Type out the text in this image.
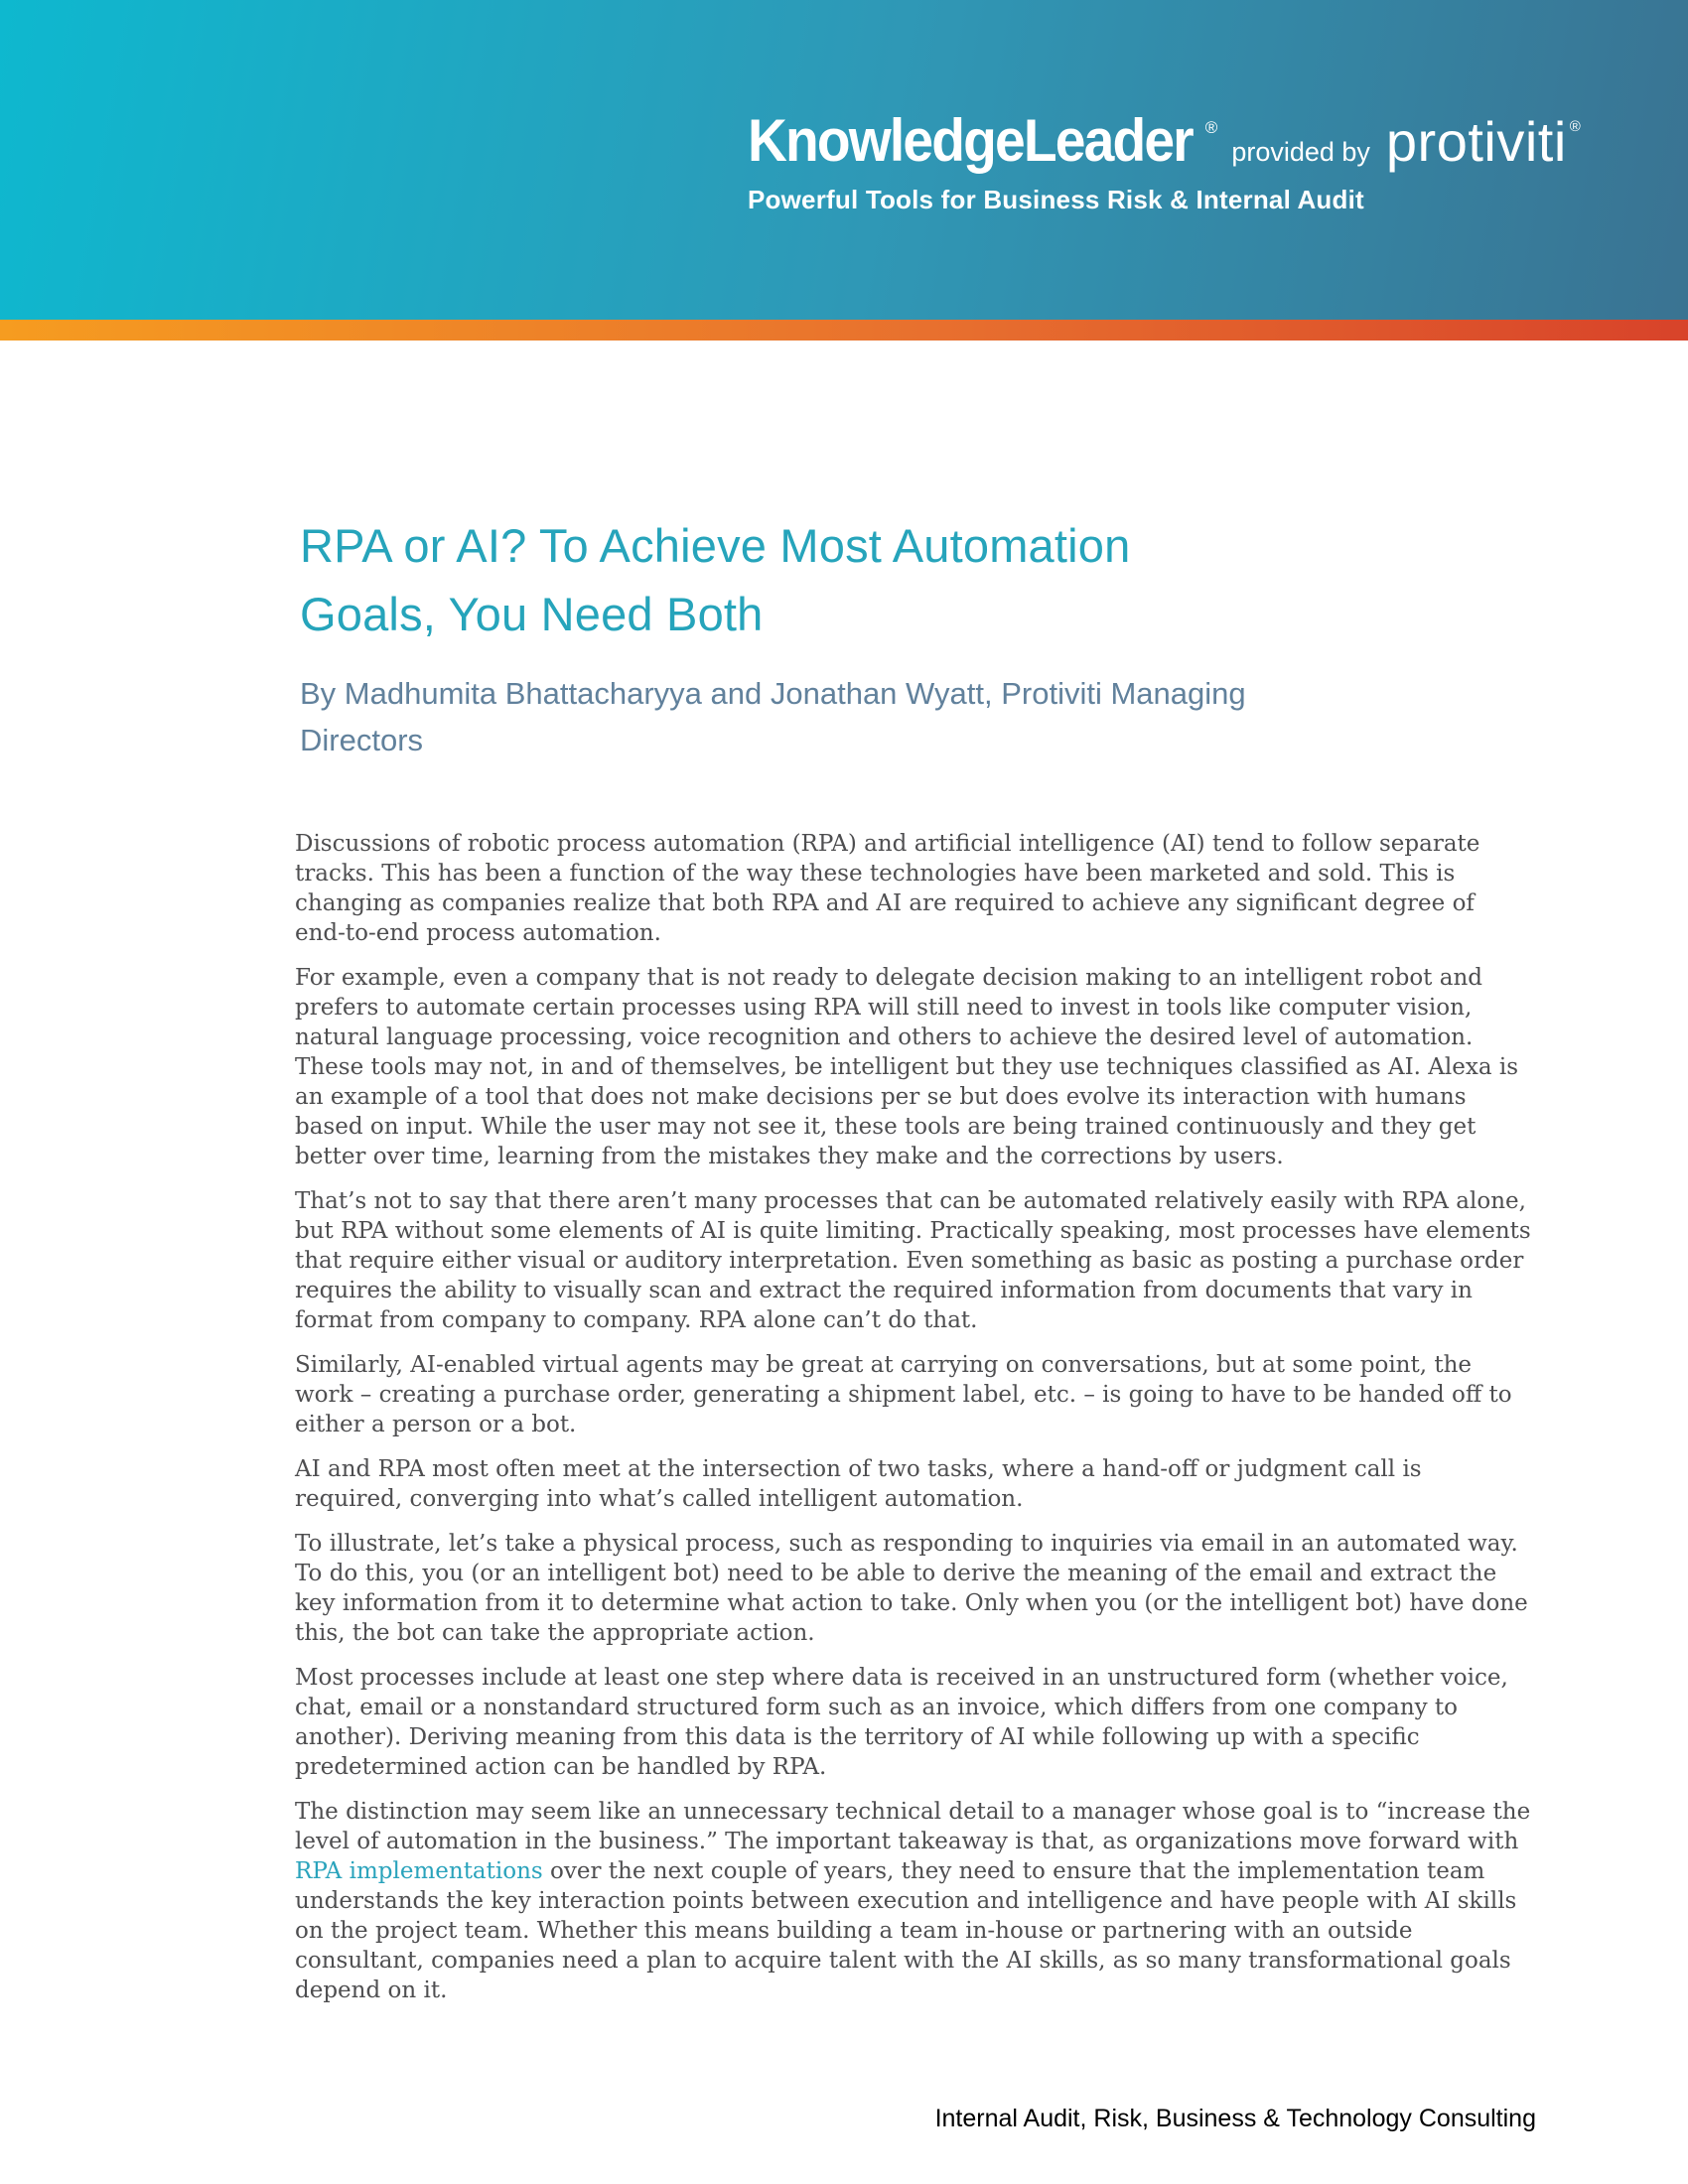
KnowledgeLeader ®
provided by protiviti ®
Powerful Tools for Business Risk & Internal Audit
RPA or AI? To Achieve Most Automation
Goals, You Need Both
By Madhumita Bhattacharyya and Jonathan Wyatt, Protiviti Managing
Directors

Discussions of robotic process automation (RPA) and artificial intelligence (AI) tend to follow separate tracks. This has been a function of the way these technologies have been marketed and sold. This is changing as companies realize that both RPA and AI are required to achieve any significant degree of end-to-end process automation.

For example, even a company that is not ready to delegate decision making to an intelligent robot and prefers to automate certain processes using RPA will still need to invest in tools like computer vision, natural language processing, voice recognition and others to achieve the desired level of automation. These tools may not, in and of themselves, be intelligent but they use techniques classified as AI. Alexa is an example of a tool that does not make decisions per se but does evolve its interaction with humans based on input. While the user may not see it, these tools are being trained continuously and they get better over time, learning from the mistakes they make and the corrections by users.

That’s not to say that there aren’t many processes that can be automated relatively easily with RPA alone, but RPA without some elements of AI is quite limiting. Practically speaking, most processes have elements that require either visual or auditory interpretation. Even something as basic as posting a purchase order requires the ability to visually scan and extract the required information from documents that vary in format from company to company. RPA alone can’t do that.

Similarly, AI-enabled virtual agents may be great at carrying on conversations, but at some point, the work – creating a purchase order, generating a shipment label, etc. – is going to have to be handed off to either a person or a bot.

AI and RPA most often meet at the intersection of two tasks, where a hand-off or judgment call is required, converging into what’s called intelligent automation.

To illustrate, let’s take a physical process, such as responding to inquiries via email in an automated way. To do this, you (or an intelligent bot) need to be able to derive the meaning of the email and extract the key information from it to determine what action to take. Only when you (or the intelligent bot) have done this, the bot can take the appropriate action.

Most processes include at least one step where data is received in an unstructured form (whether voice, chat, email or a nonstandard structured form such as an invoice, which differs from one company to another). Deriving meaning from this data is the territory of AI while following up with a specific predetermined action can be handled by RPA.

The distinction may seem like an unnecessary technical detail to a manager whose goal is to “increase the level of automation in the business.” The important takeaway is that, as organizations move forward with RPA implementations over the next couple of years, they need to ensure that the implementation team understands the key interaction points between execution and intelligence and have people with AI skills on the project team. Whether this means building a team in-house or partnering with an outside consultant, companies need a plan to acquire talent with the AI skills, as so many transformational goals depend on it.

Internal Audit, Risk, Business & Technology Consulting
